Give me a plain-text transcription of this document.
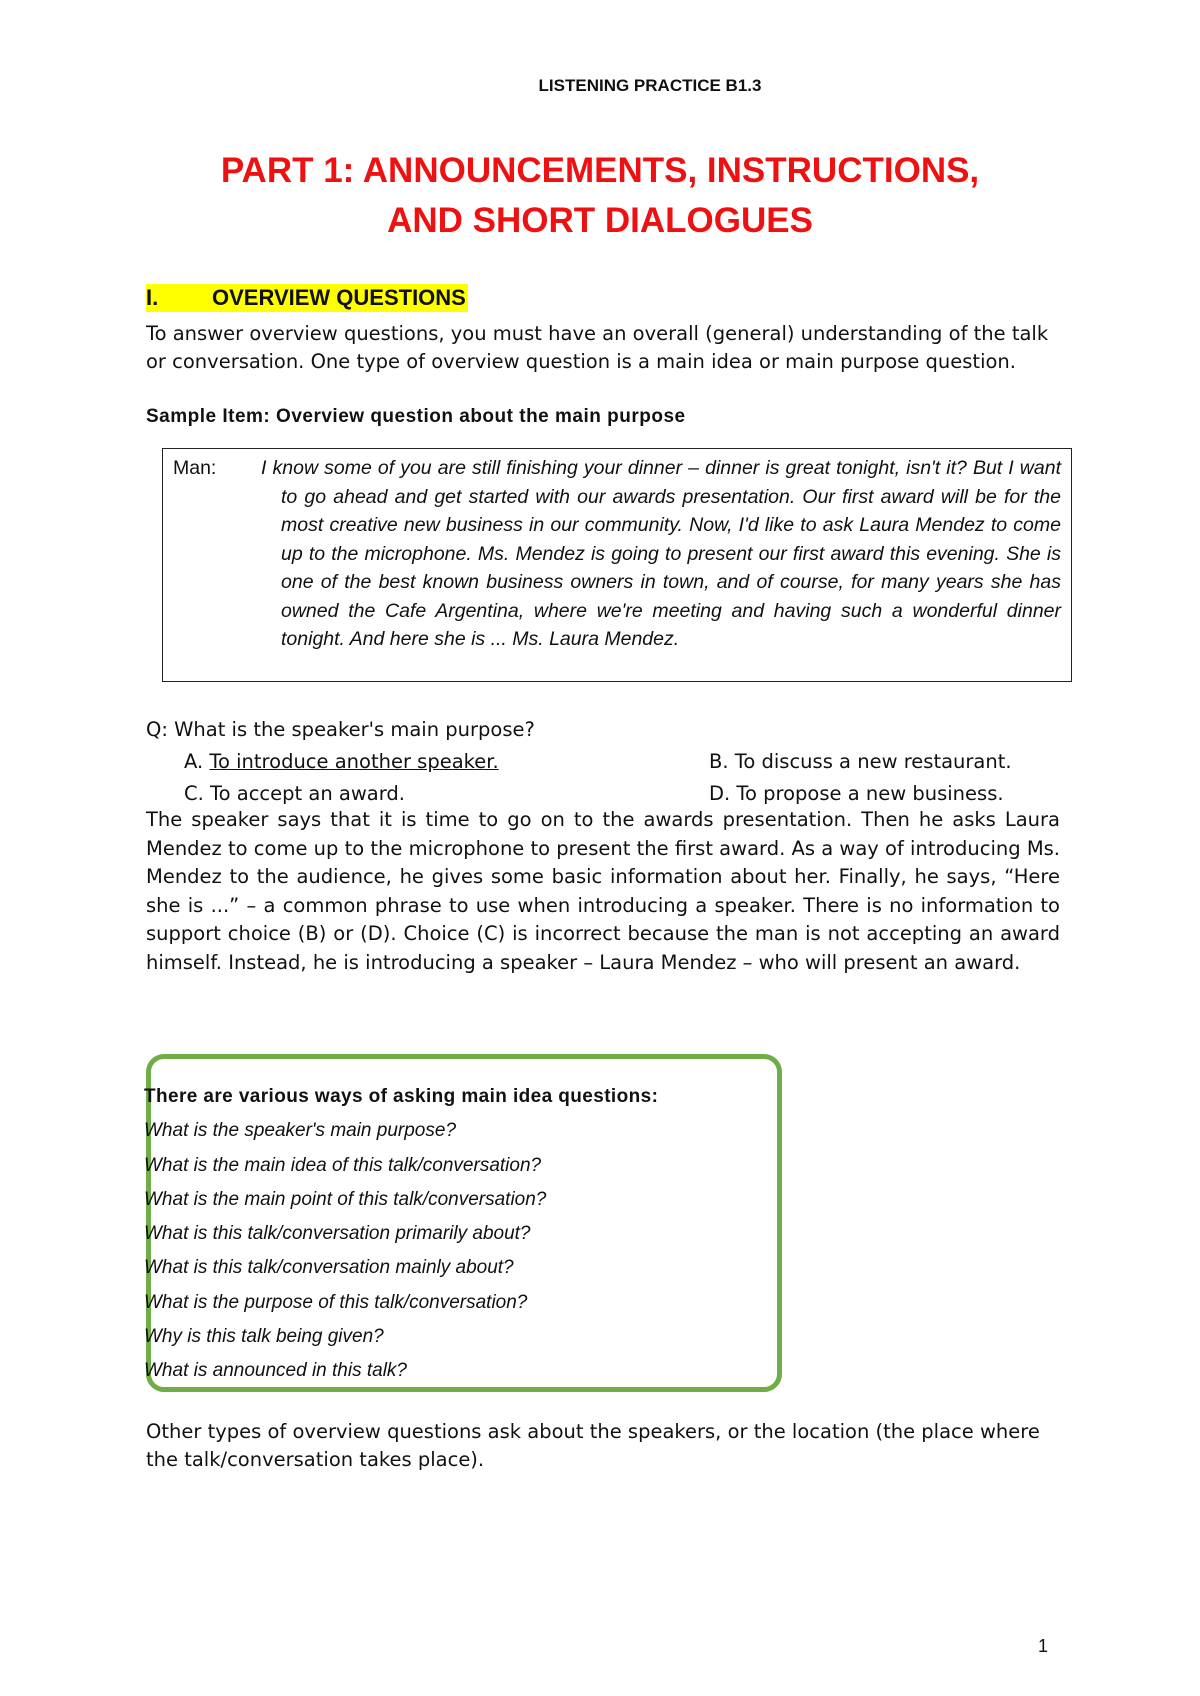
LISTENING PRACTICE B1.3
PART 1: ANNOUNCEMENTS, INSTRUCTIONS,
AND SHORT DIALOGUES
I. OVERVIEW QUESTIONS
To answer overview questions, you must have an overall (general) understanding of the talk or conversation. One type of overview question is a main idea or main purpose question.
Sample Item: Overview question about the main purpose
Man: I know some of you are still finishing your dinner – dinner is great tonight, isn't it? But I want to go ahead and get started with our awards presentation. Our first award will be for the most creative new business in our community. Now, I'd like to ask Laura Mendez to come up to the microphone. Ms. Mendez is going to present our first award this evening. She is one of the best known business owners in town, and of course, for many years she has owned the Cafe Argentina, where we're meeting and having such a wonderful dinner tonight. And here she is ... Ms. Laura Mendez.
Q: What is the speaker's main purpose?
A. To introduce another speaker.	B. To discuss a new restaurant.
C. To accept an award.	D. To propose a new business.
The speaker says that it is time to go on to the awards presentation. Then he asks Laura Mendez to come up to the microphone to present the first award. As a way of introducing Ms. Mendez to the audience, he gives some basic information about her. Finally, he says, “Here she is ...” – a common phrase to use when introducing a speaker. There is no information to support choice (B) or (D). Choice (C) is incorrect because the man is not accepting an award himself. Instead, he is introducing a speaker – Laura Mendez – who will present an award.
There are various ways of asking main idea questions:
What is the speaker's main purpose?
What is the main idea of this talk/conversation?
What is the main point of this talk/conversation?
What is this talk/conversation primarily about?
What is this talk/conversation mainly about?
What is the purpose of this talk/conversation?
Why is this talk being given?
What is announced in this talk?
Other types of overview questions ask about the speakers, or the location (the place where the talk/conversation takes place).
1
